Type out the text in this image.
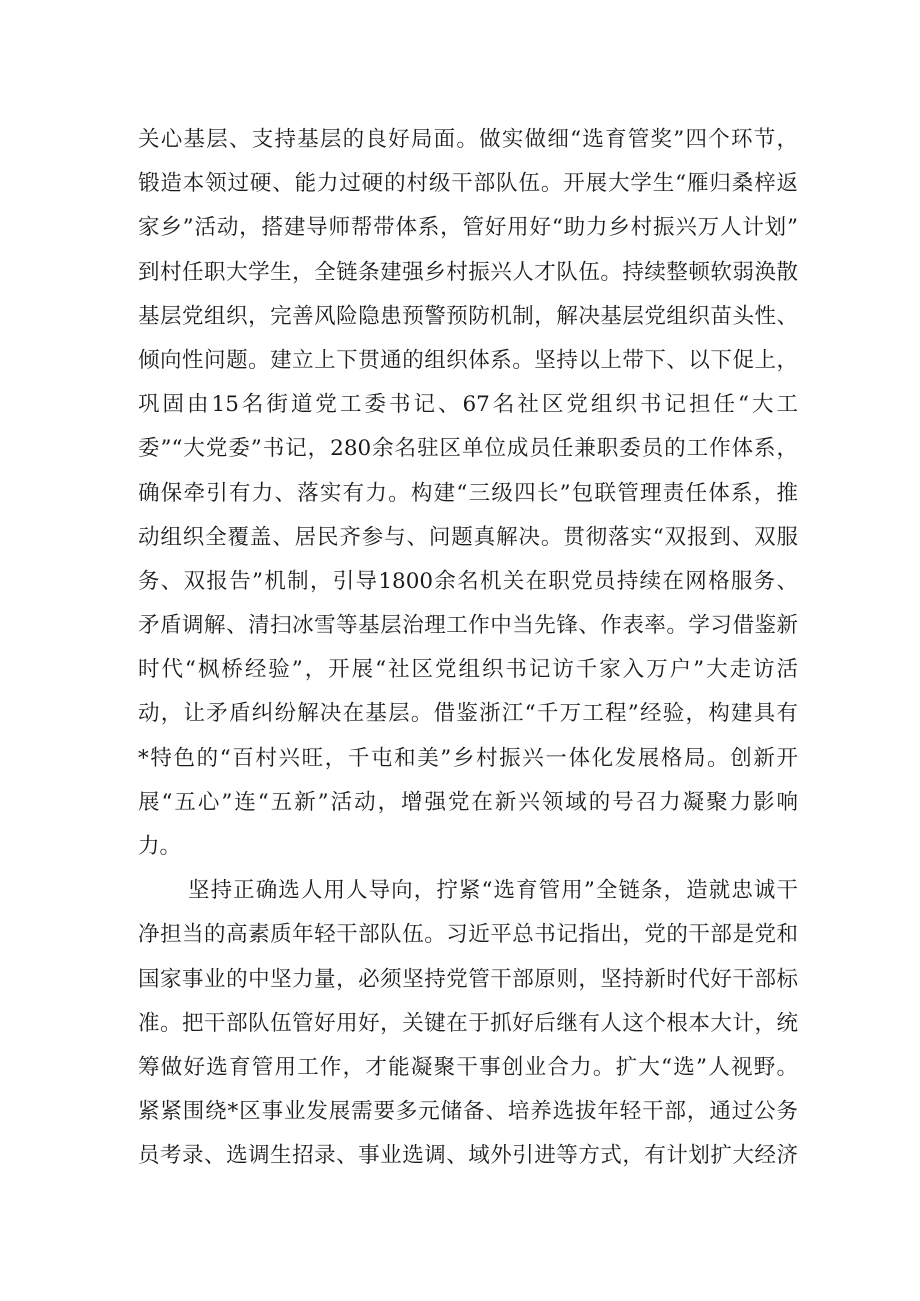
关心基层、支持基层的良好局面。做实做细“选育管奖”四个环节，
锻造本领过硬、能力过硬的村级干部队伍。开展大学生“雁归桑梓返
家乡”活动，搭建导师帮带体系，管好用好“助力乡村振兴万人计划”
到村任职大学生，全链条建强乡村振兴人才队伍。持续整顿软弱涣散
基层党组织，完善风险隐患预警预防机制，解决基层党组织苗头性、
倾向性问题。建立上下贯通的组织体系。坚持以上带下、以下促上，
巩固由15名街道党工委书记、67名社区党组织书记担任“大工
委”“大党委”书记，280余名驻区单位成员任兼职委员的工作体系，
确保牵引有力、落实有力。构建“三级四长”包联管理责任体系，推
动组织全覆盖、居民齐参与、问题真解决。贯彻落实“双报到、双服
务、双报告”机制，引导1800余名机关在职党员持续在网格服务、
矛盾调解、清扫冰雪等基层治理工作中当先锋、作表率。学习借鉴新
时代“枫桥经验”，开展“社区党组织书记访千家入万户”大走访活
动，让矛盾纠纷解决在基层。借鉴浙江“千万工程”经验，构建具有
*特色的“百村兴旺，千屯和美”乡村振兴一体化发展格局。创新开
展“五心”连“五新”活动，增强党在新兴领域的号召力凝聚力影响
力。
坚持正确选人用人导向，拧紧“选育管用”全链条，造就忠诚干
净担当的高素质年轻干部队伍。习近平总书记指出，党的干部是党和
国家事业的中坚力量，必须坚持党管干部原则，坚持新时代好干部标
准。把干部队伍管好用好，关键在于抓好后继有人这个根本大计，统
筹做好选育管用工作，才能凝聚干事创业合力。扩大“选”人视野。
紧紧围绕*区事业发展需要多元储备、培养选拔年轻干部，通过公务
员考录、选调生招录、事业选调、域外引进等方式，有计划扩大经济
